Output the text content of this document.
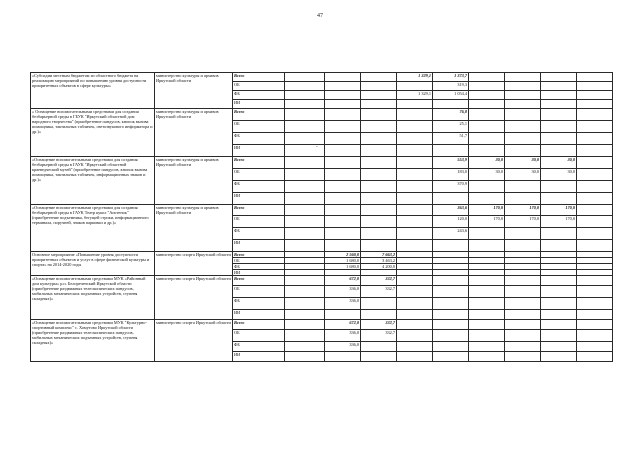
47
«Субсидии местным бюджетам из областного бюджета на реализацию мероприятий по повышению уровня доступности приоритетных объектов в сфере культуры»	министерство культуры и архивов Иркутской области	Всего				1 329,1	1 373,7				
		ОБ					319,3				
		ФБ				1 329,1	1 054,4				
		ИИ									
« Оснащение вспомогательными средствами для создания безбарьерной среды в ГБУК "Иркутский областной дом народного творчества" (приобретение пандусов, кнопок вызова помощника, тактильных табличек, светозвукового информатора и др.)»	министерство культуры и архивов Иркутской области	Всего					76,8				
		ОБ					25,1				
		ФБ					51,7				
		ИИ									
«Оснащение вспомогательными средствами для создания безбарьерной среды в ГАУК "Иркутский областной краеведческий музей" (приобретение пандусов, кнопок вызова помощника, тактильных табличек, информационных знаков и др.)»	министерство культуры и архивов Иркутской области	Всего					553,9	30,0	30,0	30,0	
		ОБ					183,0	30,0	30,0	30,0	
		ФБ					370,9				
		ИИ									
«Оснащение вспомогательными средствами для создания безбарьерной среды в ГАУК Театр кукол "Аистенок"(приобретение подъемника, бегущей строки, информационного терминала, поручней, знаков парковки и др.)»	министерство культуры и архивов Иркутской области	Всего					363,6	170,0	170,0	170,0	
		ОБ					120,0	170,0	170,0	170,0	
		ФБ					243,6				
		ИИ									
Основное мероприятие «Повышение уровня доступности приоритетных объектов и услуг в сфере физической культуры и спорта» на 2014-2020 годы	министерство спорта Иркутской области	Всего		2 560,0	7 663,2						
		ОБ		1 680,0	3 463,2						
		ФБ		1 680,0	4 200,0						
		ИИ									
«Оснащение вспомогательными средствами МУК «Районный дом культуры» р.п. Белореченский Иркутской области (приобретение раздвижных телескопических пандусов, мобильных механических подъемных устройств, ступеня складных)»	министерство спорта Иркутской области	Всего		672,0	332,7						
		ОБ		336,0	332,7						
		ФБ		336,0							
		ИИ									
«Оснащение вспомогательными средствами МУК "Культурно-спортивный комплекс" с. Хомутово Иркутской области (приобретение раздвижных телескопических пандусов, мобильных механических подъемных устройств, ступеня складных)»	министерство спорта Иркутской области	Всего		672,0	332,7						
		ОБ		336,0	332,7						
		ФБ		336,0							
		ИИ									
-
